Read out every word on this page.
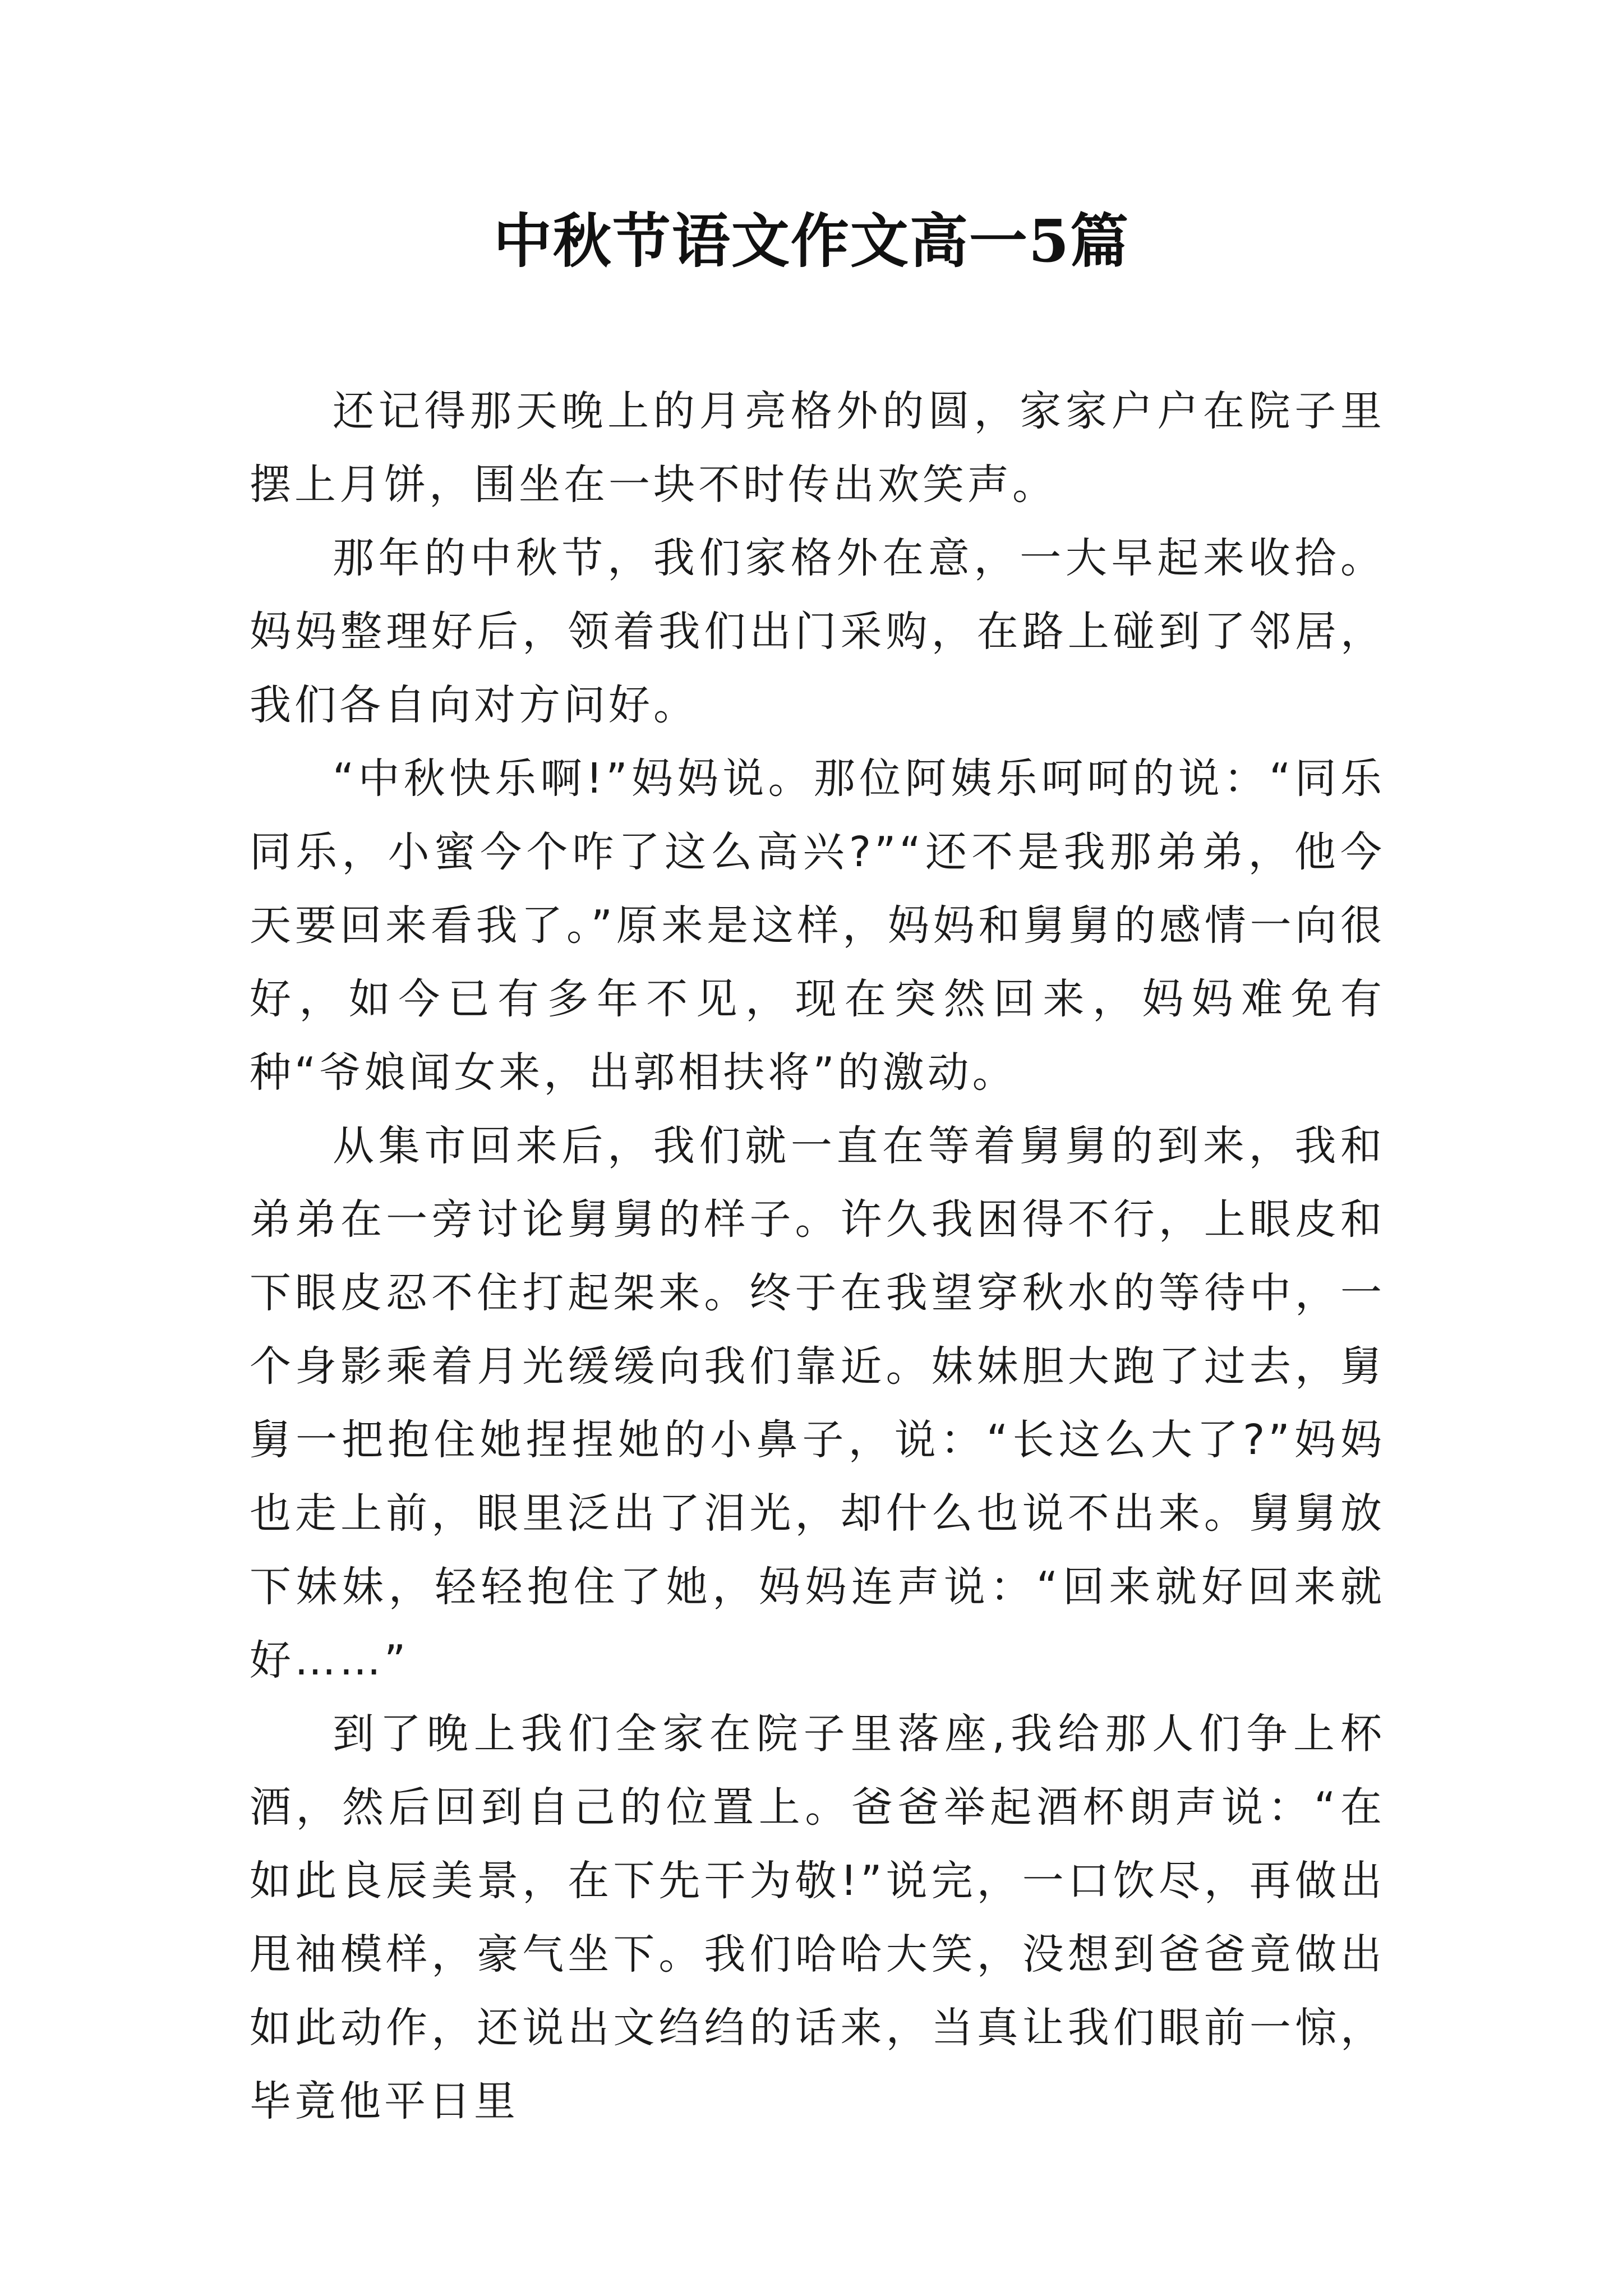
中秋节语文作文高一5篇

还记得那天晚上的月亮格外的圆，家家户户在院子里摆上月饼，围坐在一块不时传出欢笑声。

那年的中秋节，我们家格外在意，一大早起来收拾。妈妈整理好后，领着我们出门采购，在路上碰到了邻居，我们各自向对方问好。

“中秋快乐啊!”妈妈说。那位阿姨乐呵呵的说：“同乐同乐，小蜜今个咋了这么高兴?”“还不是我那弟弟，他今天要回来看我了。”原来是这样，妈妈和舅舅的感情一向很好，如今已有多年不见，现在突然回来，妈妈难免有种“爷娘闻女来，出郭相扶将”的激动。

从集市回来后，我们就一直在等着舅舅的到来，我和弟弟在一旁讨论舅舅的样子。许久我困得不行，上眼皮和下眼皮忍不住打起架来。终于在我望穿秋水的等待中，一个身影乘着月光缓缓向我们靠近。妹妹胆大跑了过去，舅舅一把抱住她捏捏她的小鼻子，说：“长这么大了?”妈妈也走上前，眼里泛出了泪光，却什么也说不出来。舅舅放下妹妹，轻轻抱住了她，妈妈连声说：“回来就好回来就好……”

到了晚上我们全家在院子里落座,我给那人们争上杯酒，然后回到自己的位置上。爸爸举起酒杯朗声说：“在如此良辰美景，在下先干为敬!”说完，一口饮尽，再做出甩袖模样，豪气坐下。我们哈哈大笑，没想到爸爸竟做出如此动作，还说出文绉绉的话来，当真让我们眼前一惊，毕竟他平日里
